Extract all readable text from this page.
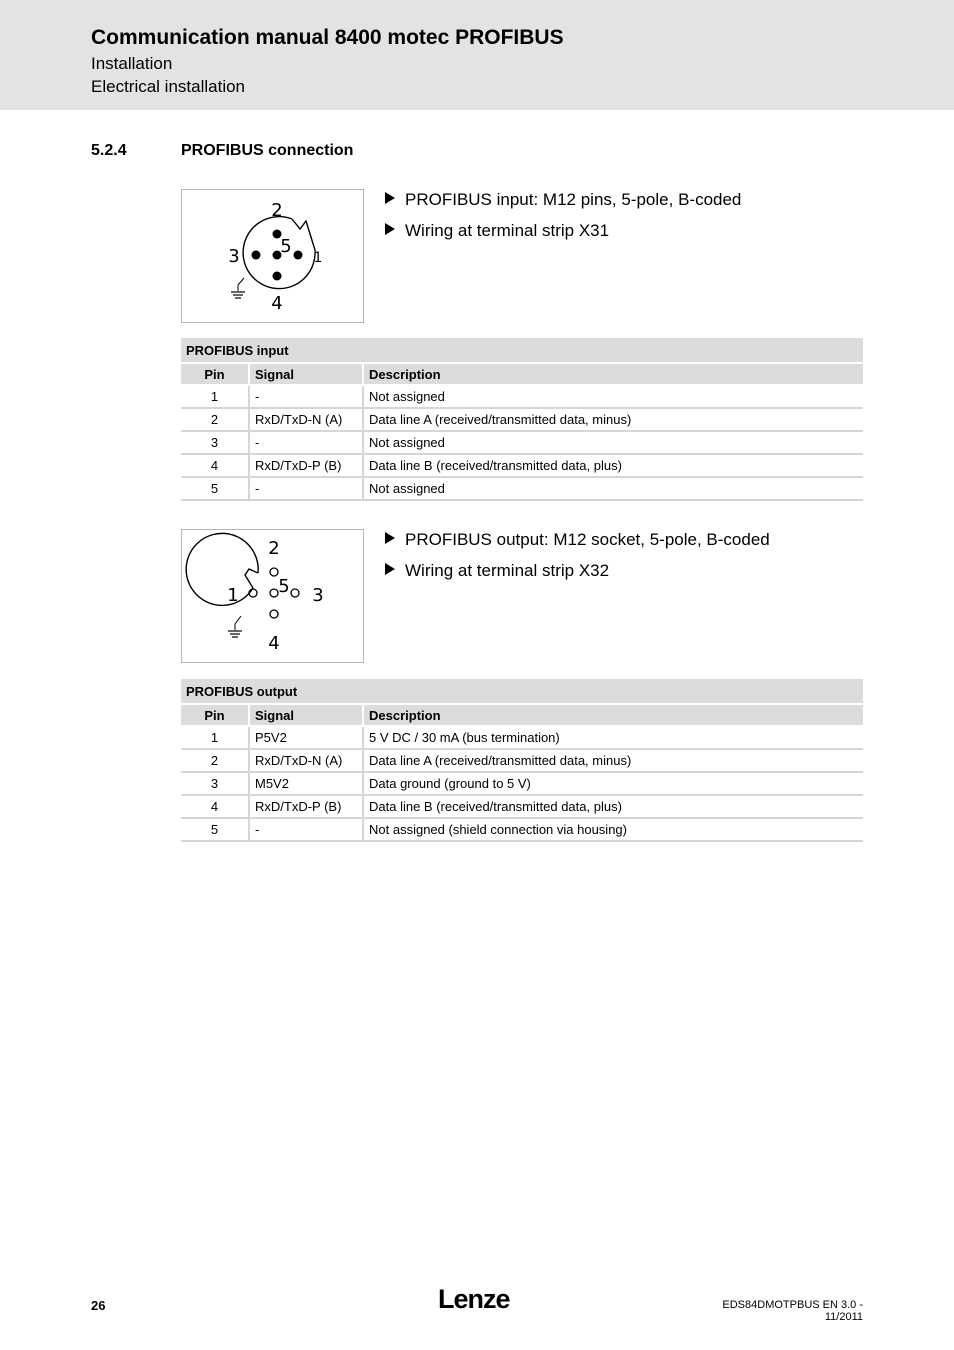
Communication manual 8400 motec PROFIBUS
Installation
Electrical installation
5.2.4	PROFIBUS connection
2
3 5
1
4
PROFIBUS input: M12 pins, 5-pole, B-coded
Wiring at terminal strip X31
PROFIBUS input		
Pin	Signal	Description
1	-	Not assigned
2	RxD/TxD-N (A)	Data line A (received/transmitted data, minus)
3	-	Not assigned
4	RxD/TxD-P (B)	Data line B (received/transmitted data, plus)
5	-	Not assigned
2
1 5 3
4
PROFIBUS output: M12 socket, 5-pole, B-coded
Wiring at terminal strip X32
PROFIBUS output		
Pin	Signal	Description
1	P5V2	5 V DC / 30 mA (bus termination)
2	RxD/TxD-N (A)	Data line A (received/transmitted data, minus)
3	M5V2	Data ground (ground to 5 V)
4	RxD/TxD-P (B)	Data line B (received/transmitted data, plus)
5	-	Not assigned (shield connection via housing)
26	Lenze	EDS84DMOTPBUS EN 3.0 - 11/2011
